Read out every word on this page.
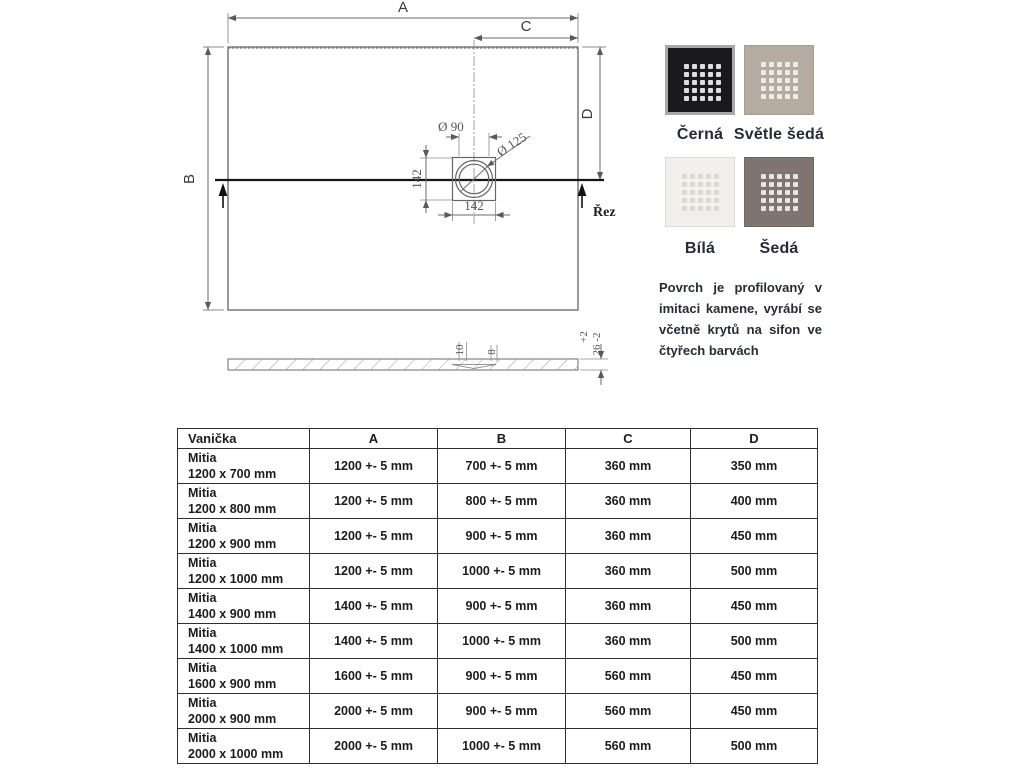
A
C
B
D
Řez
Ø 90
Ø 125
142
142
10 8
+2 26 -2
Černá Světle šedá
Bílá	Šedá

Povrch je profilovaný v imitaci kamene, vyrábí se včetně krytů na sifon ve čtyřech barvách

Vanička	A	B	C	D

Mitia
1200 x 700 mm	1200 +- 5 mm	700 +- 5 mm	360 mm	350 mm

Mitia
1200 x 800 mm	1200 +- 5 mm	800 +- 5 mm	360 mm	400 mm

Mitia
1200 x 900 mm	1200 +- 5 mm	900 +- 5 mm	360 mm	450 mm

Mitia
1200 x 1000 mm	1200 +- 5 mm	1000 +- 5 mm	360 mm	500 mm

Mitia
1400 x 900 mm	1400 +- 5 mm	900 +- 5 mm	360 mm	450 mm

Mitia
1400 x 1000 mm	1400 +- 5 mm	1000 +- 5 mm	360 mm	500 mm

Mitia
1600 x 900 mm	1600 +- 5 mm	900 +- 5 mm	560 mm	450 mm

Mitia
2000 x 900 mm	2000 +- 5 mm	900 +- 5 mm	560 mm	450 mm

Mitia
2000 x 1000 mm	2000 +- 5 mm	1000 +- 5 mm	560 mm	500 mm
